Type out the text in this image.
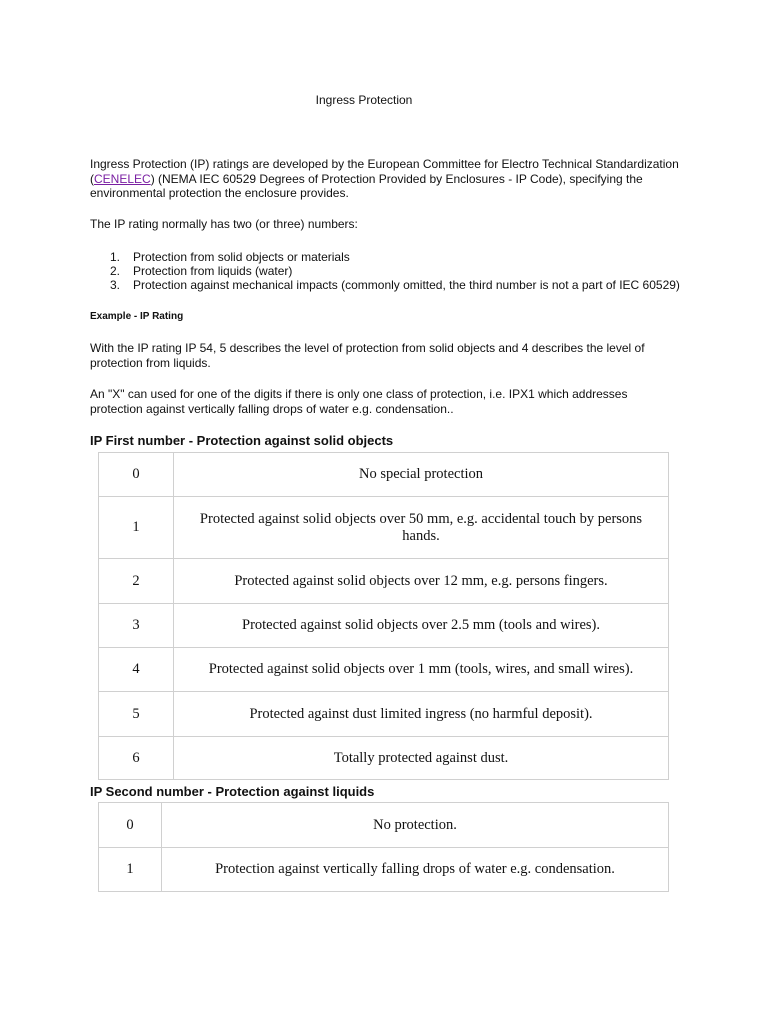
Ingress Protection

Ingress Protection (IP) ratings are developed by the European Committee for Electro Technical Standardization (CENELEC) (NEMA IEC 60529 Degrees of Protection Provided by Enclosures - IP Code), specifying the environmental protection the enclosure provides.

The IP rating normally has two (or three) numbers:

1.	Protection from solid objects or materials
2.	Protection from liquids (water)
3.	Protection against mechanical impacts (commonly omitted, the third number is not a part of IEC 60529)
Example - IP Rating

With the IP rating IP 54, 5 describes the level of protection from solid objects and 4 describes the level of protection from liquids.

An "X" can used for one of the digits if there is only one class of protection, i.e. IPX1 which addresses protection against vertically falling drops of water e.g. condensation..

IP First number - Protection against solid objects
0	No special protection
1	Protected against solid objects over 50 mm, e.g. accidental touch by persons hands.
2	Protected against solid objects over 12 mm, e.g. persons fingers.
3	Protected against solid objects over 2.5 mm (tools and wires).
4	Protected against solid objects over 1 mm (tools, wires, and small wires).
5	Protected against dust limited ingress (no harmful deposit).
6	Totally protected against dust.
IP Second number - Protection against liquids
0	No protection.
1	Protection against vertically falling drops of water e.g. condensation.
